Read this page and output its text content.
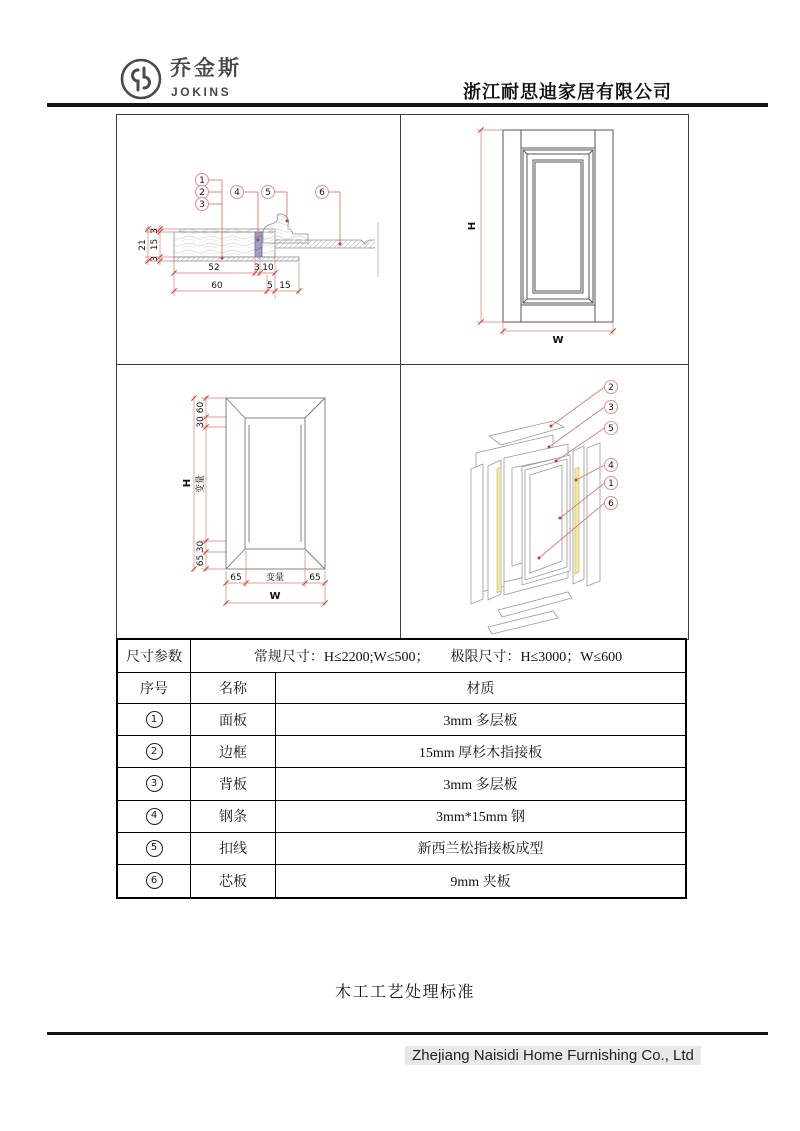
乔金斯
JOKINS	浙江耐思迪家居有限公司
1
2
3
4	5	6
3
15
3
21
52	3 10
60	5 15
H
W
60
30
变量
30
65
H
65	变量	65
W
2
3
5
4
1
6
尺寸参数	常规尺寸：H≤2200;W≤500；　　极限尺寸：H≤3000；W≤600
序号	名称	材质
1	面板	3mm 多层板
2	边框	15mm 厚杉木指接板
3	背板	3mm 多层板
4	钢条	3mm*15mm 钢
5	扣线	新西兰松指接板成型
6	芯板	9mm 夹板
木工工艺处理标准
Zhejiang Naisidi Home Furnishing Co., Ltd
